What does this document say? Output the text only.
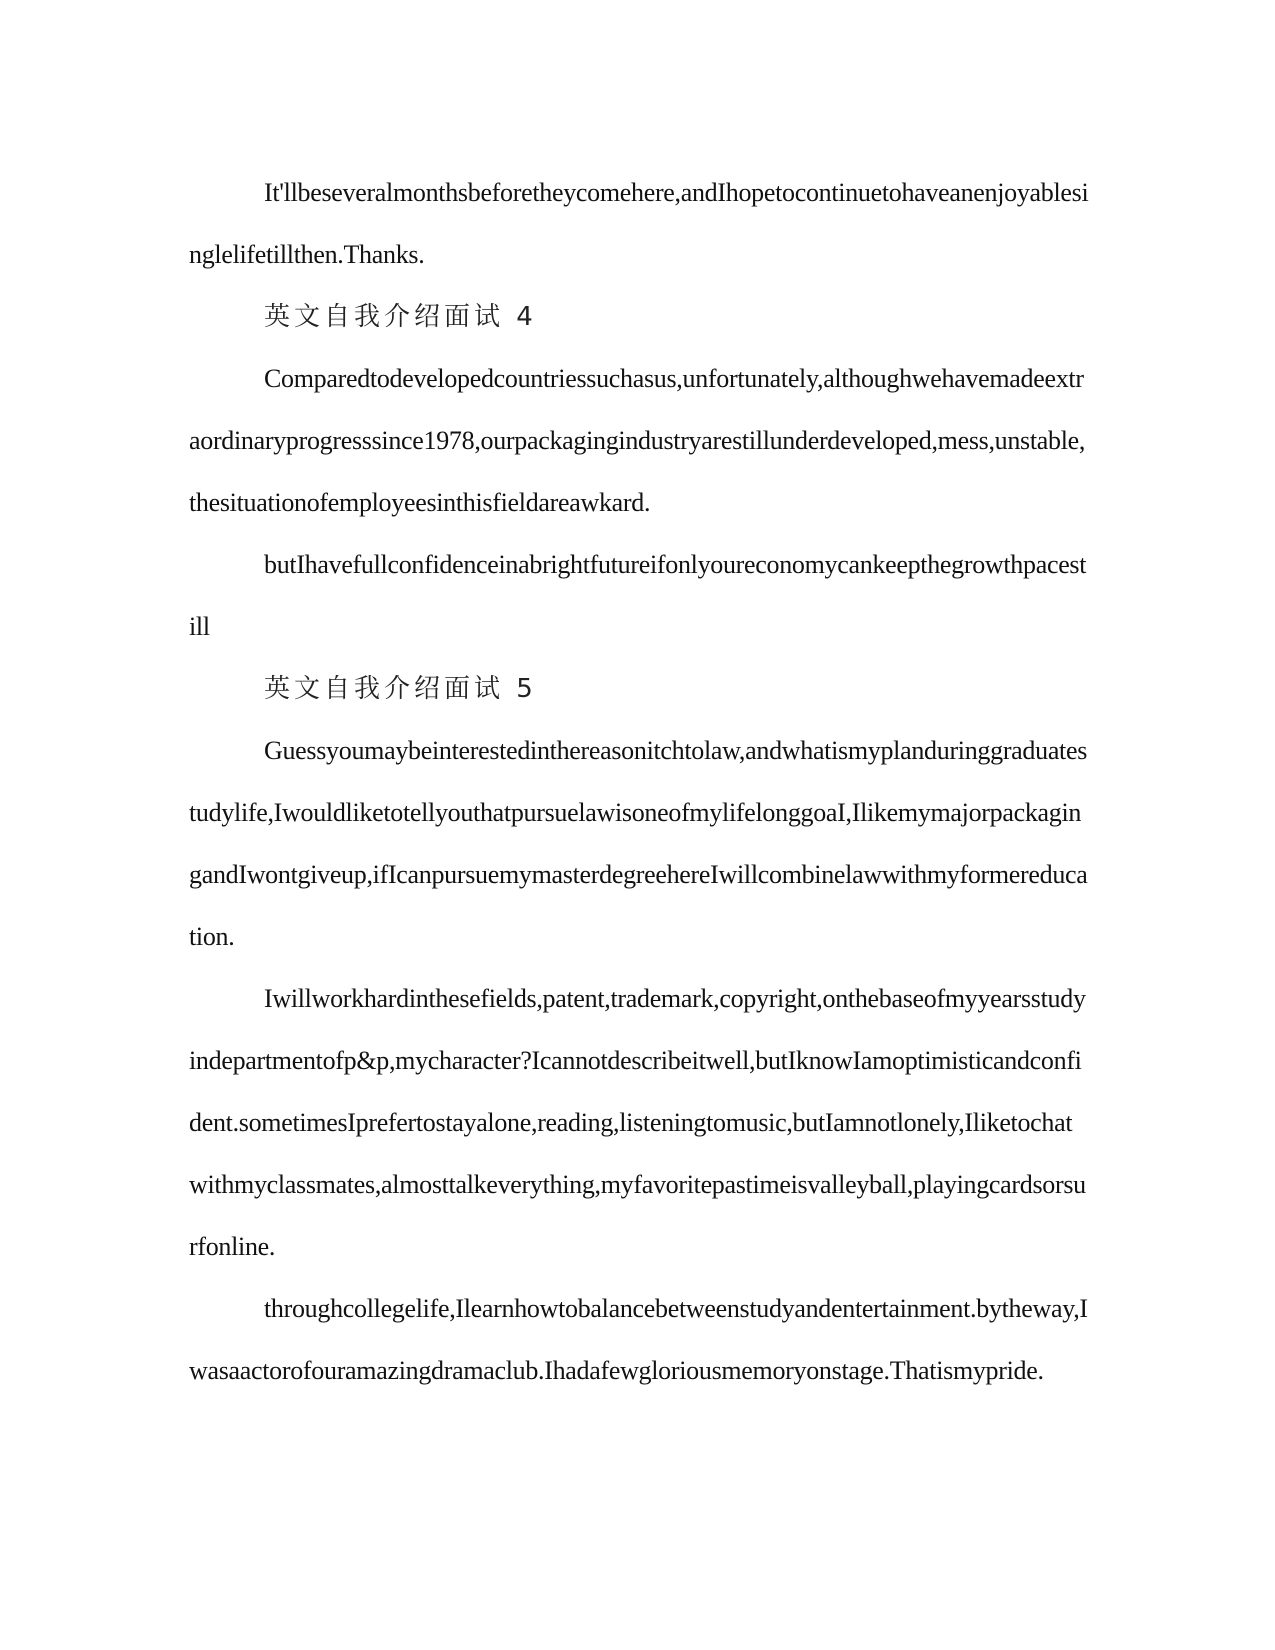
It'llbeseveralmonthsbeforetheycomehere,andIhopetocontinuetohaveanenjoyablesinglelifetillthen.Thanks.

英文自我介绍面试 4

Comparedtodevelopedcountriessuchasus,unfortunately,althoughwehavemadeextraordinaryprogresssince1978,ourpackagingindustryarestillunderdeveloped,mess,unstable,thesituationofemployeesinthisfieldareawkard.

butIhavefullconfidenceinabrightfutureifonlyoureconomycankeepthegrowthpacestill

英文自我介绍面试 5

Guessyoumaybeinterestedinthereasonitchtolaw,andwhatismyplanduringgraduatestudylife,IwouldliketotellyouthatpursuelawisoneofmylifelonggoaI,IlikemymajorpackagingandIwontgiveup,ifIcanpursuemymasterdegreehereIwillcombinelawwithmyformereducation.

Iwillworkhardinthesefields,patent,trademark,copyright,onthebaseofmyyearsstudyindepartmentofp&p,mycharacter?Icannotdescribeitwell,butIknowIamoptimisticandconfident.sometimesIprefertostayalone,reading,listeningtomusic,butIamnotlonely,Iliketochatwithmyclassmates,almosttalkeverything,myfavoritepastimeisvalleyball,playingcardsorsurfonline.

throughcollegelife,Ilearnhowtobalancebetweenstudyandentertainment.bytheway,Iwasaactorofouramazingdramaclub.Ihadafewgloriousmemoryonstage.Thatismypride.
